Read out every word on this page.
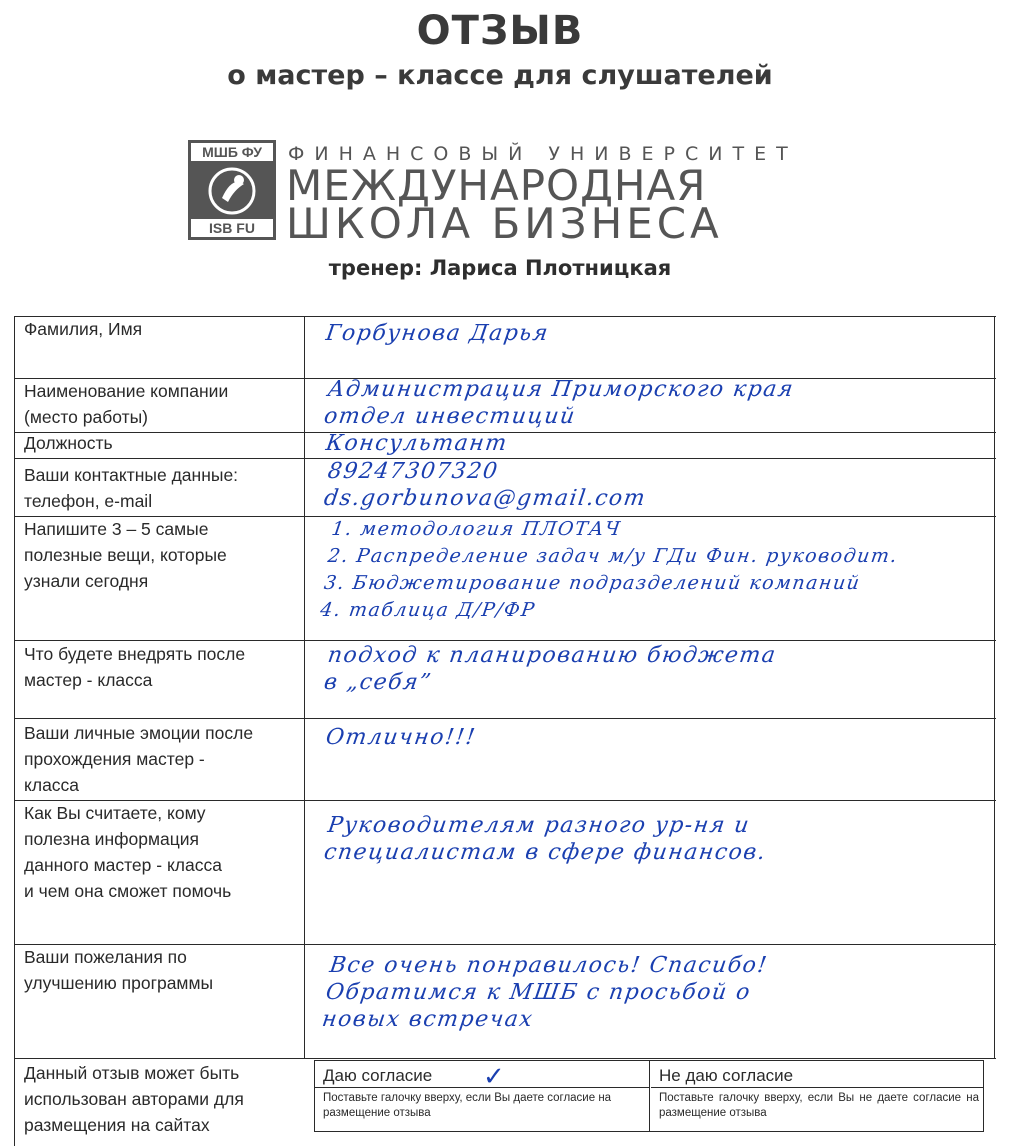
ОТЗЫВ
о мастер – классе для слушателей
МШБ ФУ
ISB FU
ФИНАНСОВЫЙ УНИВЕРСИТЕТ
МЕЖДУНАРОДНАЯ
ШКОЛА БИЗНЕСА
тренер: Лариса Плотницкая
Фамилия, Имя	Горбунова Дарья
Наименование компании
(место работы)
Администрация Приморского края
отдел инвестиций
Должность	Консультант
Ваши контактные данные:
телефон, e-mail
89247307320
ds.gorbunova@gmail.com
Напишите 3 – 5 самые
полезные вещи, которые
узнали сегодня
1. методология ПЛОТАЧ
2. Распределение задач м/у ГДи Фин. руководит.
3. Бюджетирование подразделений компаний
4. таблица Д/Р/ФР
Что будете внедрять после
мастер - класса
подход к планированию бюджета
в „себя”
Ваши личные эмоции после
прохождения мастер -
класса
Отлично!!!
Как Вы считаете, кому
полезна информация
данного мастер - класса
и чем она сможет помочь
Руководителям разного ур-ня и
специалистам в сфере финансов.
Ваши пожелания по
улучшению программы
Все очень понравилось! Спасибо!
Обратимся к МШБ с просьбой о
новых встречах
Данный отзыв может быть
использован авторами для
размещения на сайтах
Даю согласие ✓
Поставьте галочку вверху, если Вы даете согласие на размещение отзыва
Не даю согласие
Поставьте галочку вверху, если Вы не даете согласие на размещение отзыва
